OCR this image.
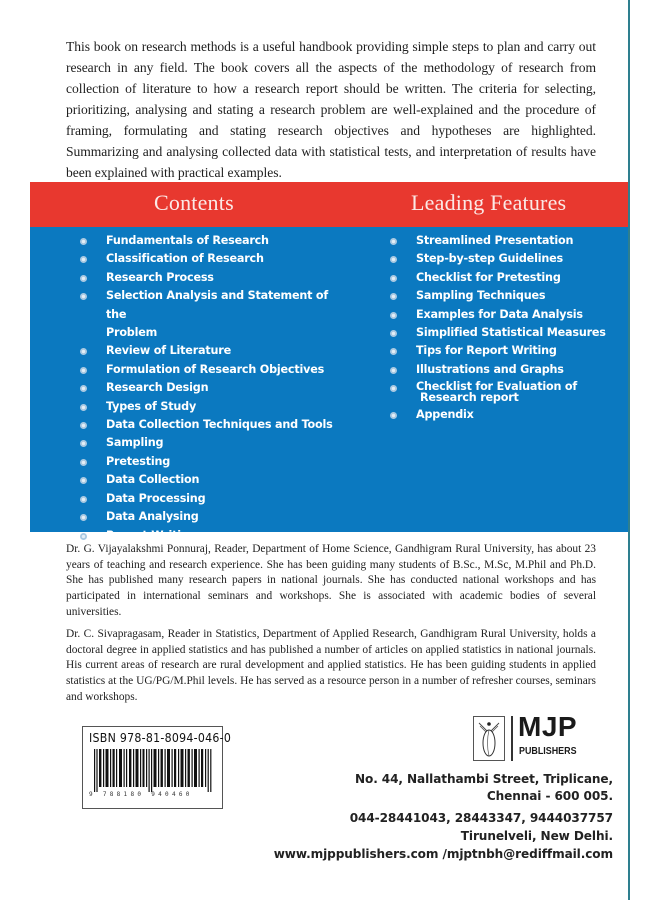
This book on research methods is a useful handbook providing simple steps to plan and carry out research in any field. The book covers all the aspects of the methodology of research from collection of literature to how a research report should be written. The criteria for selecting, prioritizing, analysing and stating a research problem are well-explained and the procedure of framing, formulating and stating research objectives and hypotheses are highlighted. Summarizing and analysing collected data with statistical tests, and interpretation of results have been explained with practical examples.

Contents	Leading Features
Fundamentals of Research
Classification of Research
Research Process
Selection Analysis and Statement of the
Problem
Review of Literature
Formulation of Research Objectives
Research Design
Types of Study
Data Collection Techniques and Tools
Sampling
Pretesting
Data Collection
Data Processing
Data Analysing
Report Writing
Streamlined Presentation
Step-by-step Guidelines
Checklist for Pretesting
Sampling Techniques
Examples for Data Analysis
Simplified Statistical Measures
Tips for Report Writing
Illustrations and Graphs
Checklist for Evaluation of
Research report
Appendix

Dr. G. Vijayalakshmi Ponnuraj, Reader, Department of Home Science, Gandhigram Rural University, has about 23 years of teaching and research experience. She has been guiding many students of B.Sc., M.Sc, M.Phil and Ph.D. She has published many research papers in national journals. She has conducted national workshops and has participated in international seminars and workshops. She is associated with academic bodies of several universities.

Dr. C. Sivapragasam, Reader in Statistics, Department of Applied Research, Gandhigram Rural University, holds a doctoral degree in applied statistics and has published a number of articles on applied statistics in national journals. His current areas of research are rural development and applied statistics. He has been guiding students in applied statistics at the UG/PG/M.Phil levels. He has served as a resource person in a number of refresher courses, seminars and workshops.

ISBN 978-81-8094-046-0
9 788180 940460
MJP
PUBLISHERS
No. 44, Nallathambi Street, Triplicane,
Chennai - 600 005.
044-28441043, 28443347, 9444037757
Tirunelveli, New Delhi.
www.mjppublishers.com /mjptnbh@rediffmail.com
